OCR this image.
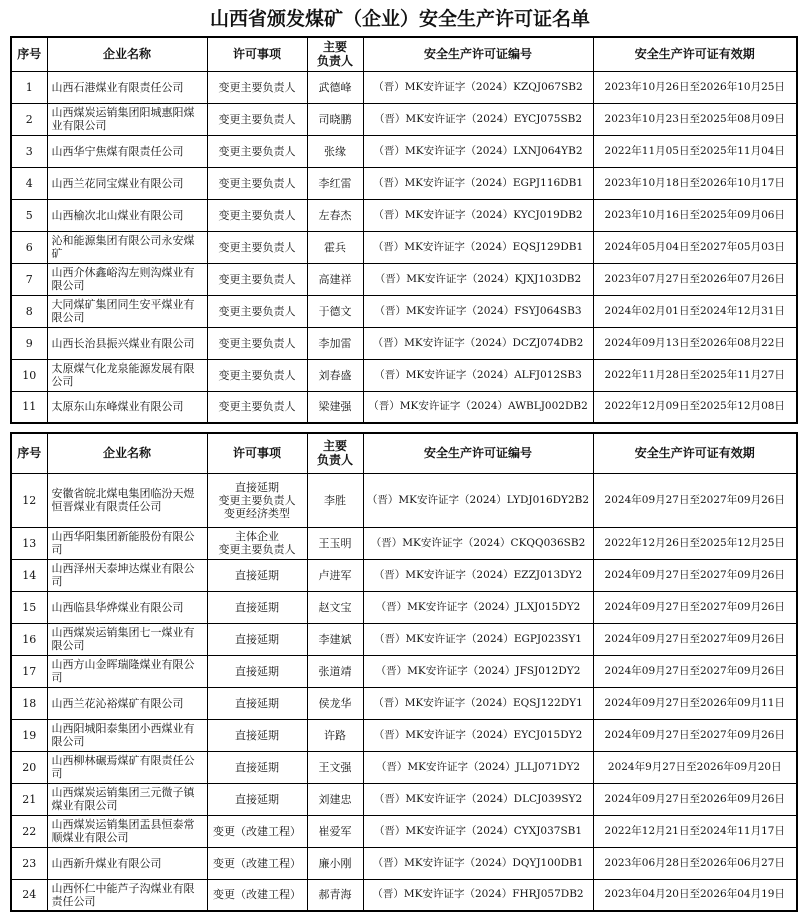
山西省颁发煤矿（企业）安全生产许可证名单
序号	企业名称	许可事项	主要
负责人	安全生产许可证编号	安全生产许可证有效期
1	山西石港煤业有限责任公司	变更主要负责人	武德峰	（晋）MK安许证字（2024）KZQJ067SB2	2023年10月26日至2026年10月25日
2	山西煤炭运销集团阳城惠阳煤业有限公司	变更主要负责人	司晓鹏	（晋）MK安许证字（2024）EYCJ075SB2	2023年10月23日至2025年08月09日
3	山西华宁焦煤有限责任公司	变更主要负责人	张缘	（晋）MK安许证字（2024）LXNJ064YB2	2022年11月05日至2025年11月04日
4	山西兰花同宝煤业有限公司	变更主要负责人	李红雷	（晋）MK安许证字（2024）EGPJ116DB1	2023年10月18日至2026年10月17日
5	山西榆次北山煤业有限公司	变更主要负责人	左春杰	（晋）MK安许证字（2024）KYCJ019DB2	2023年10月16日至2025年09月06日
6	沁和能源集团有限公司永安煤矿	变更主要负责人	霍兵	（晋）MK安许证字（2024）EQSJ129DB1	2024年05月04日至2027年05月03日
7	山西介休鑫峪沟左则沟煤业有限公司	变更主要负责人	高建祥	（晋）MK安许证字（2024）KJXJ103DB2	2023年07月27日至2026年07月26日
8	大同煤矿集团同生安平煤业有限公司	变更主要负责人	于德文	（晋）MK安许证字（2024）FSYJ064SB3	2024年02月01日至2024年12月31日
9	山西长治县振兴煤业有限公司	变更主要负责人	李加雷	（晋）MK安许证字（2024）DCZJ074DB2	2024年09月13日至2026年08月22日
10	太原煤气化龙泉能源发展有限公司	变更主要负责人	刘春盛	（晋）MK安许证字（2024）ALFJ012SB3	2022年11月28日至2025年11月27日
11	太原东山东峰煤业有限公司	变更主要负责人	梁建强	（晋）MK安许证字（2024）AWBLJ002DB2	2022年12月09日至2025年12月08日
序号	企业名称	许可事项	主要
负责人	安全生产许可证编号	安全生产许可证有效期
12	安徽省皖北煤电集团临汾天煜恒晋煤业有限责任公司	直接延期
变更主要负责人
变更经济类型	李胜	（晋）MK安许证字（2024）LYDJ016DY2B2	2024年09月27日至2027年09月26日
13	山西华阳集团新能股份有限公司	主体企业
变更主要负责人	王玉明	（晋）MK安许证字（2024）CKQQ036SB2	2022年12月26日至2025年12月25日
14	山西泽州天泰坤达煤业有限公司	直接延期	卢进军	（晋）MK安许证字（2024）EZZJ013DY2	2024年09月27日至2027年09月26日
15	山西临县华烨煤业有限公司	直接延期	赵文宝	（晋）MK安许证字（2024）JLXJ015DY2	2024年09月27日至2027年09月26日
16	山西煤炭运销集团七一煤业有限公司	直接延期	李建斌	（晋）MK安许证字（2024）EGPJ023SY1	2024年09月27日至2027年09月26日
17	山西方山金晖瑞隆煤业有限公司	直接延期	张道靖	（晋）MK安许证字（2024）JFSJ012DY2	2024年09月27日至2027年09月26日
18	山西兰花沁裕煤矿有限公司	直接延期	侯龙华	（晋）MK安许证字（2024）EQSJ122DY1	2024年09月27日至2026年09月11日
19	山西阳城阳泰集团小西煤业有限公司	直接延期	许路	（晋）MK安许证字（2024）EYCJ015DY2	2024年09月27日至2027年09月26日
20	山西柳林碾焉煤矿有限责任公司	直接延期	王文强	（晋）MK安许证字（2024）JLLJ071DY2	2024年9月27日至2026年09月20日
21	山西煤炭运销集团三元微子镇煤业有限公司	直接延期	刘建忠	（晋）MK安许证字（2024）DLCJ039SY2	2024年09月27日至2026年09月26日
22	山西煤炭运销集团盂县恒泰常顺煤业有限公司	变更（改建工程）	崔爱军	（晋）MK安许证字（2024）CYXJ037SB1	2022年12月21日至2024年11月17日
23	山西新升煤业有限公司	变更（改建工程）	廉小刚	（晋）MK安许证字（2024）DQYJ100DB1	2023年06月28日至2026年06月27日
24	山西怀仁中能芦子沟煤业有限责任公司	变更（改建工程）	郝青海	（晋）MK安许证字（2024）FHRJ057DB2	2023年04月20日至2026年04月19日
